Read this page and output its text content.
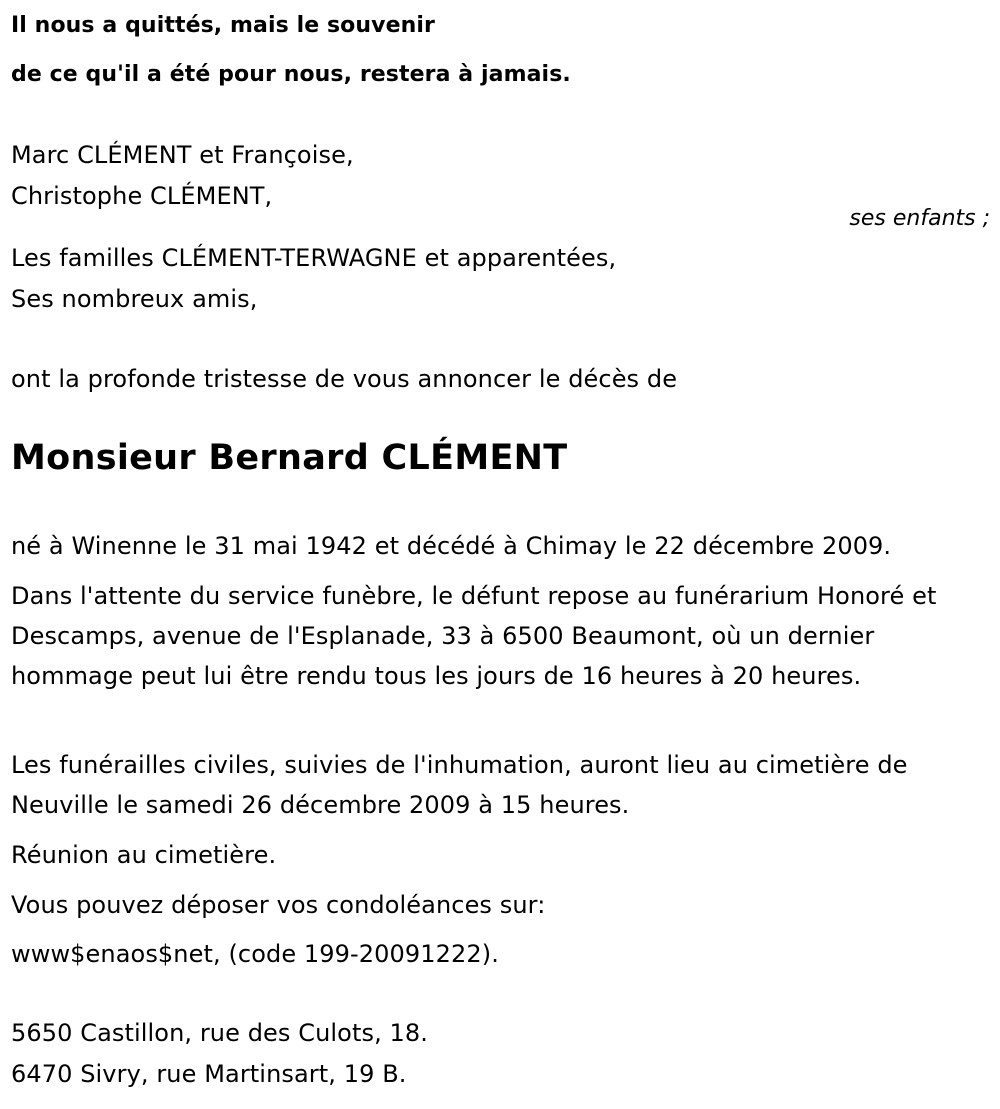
Il nous a quittés, mais le souvenir
de ce qu'il a été pour nous, restera à jamais.
Marc CLÉMENT et Françoise,
Christophe CLÉMENT,
ses enfants ;
Les familles CLÉMENT-TERWAGNE et apparentées,
Ses nombreux amis,
ont la profonde tristesse de vous annoncer le décès de
Monsieur Bernard CLÉMENT
né à Winenne le 31 mai 1942 et décédé à Chimay le 22 décembre 2009.
Dans l'attente du service funèbre, le défunt repose au funérarium Honoré et Descamps, avenue de l'Esplanade, 33 à 6500 Beaumont, où un dernier hommage peut lui être rendu tous les jours de 16 heures à 20 heures.
Les funérailles civiles, suivies de l'inhumation, auront lieu au cimetière de Neuville le samedi 26 décembre 2009 à 15 heures.
Réunion au cimetière.
Vous pouvez déposer vos condoléances sur:
www$enaos$net, (code 199-20091222).
5650 Castillon, rue des Culots, 18.
6470 Sivry, rue Martinsart, 19 B.
